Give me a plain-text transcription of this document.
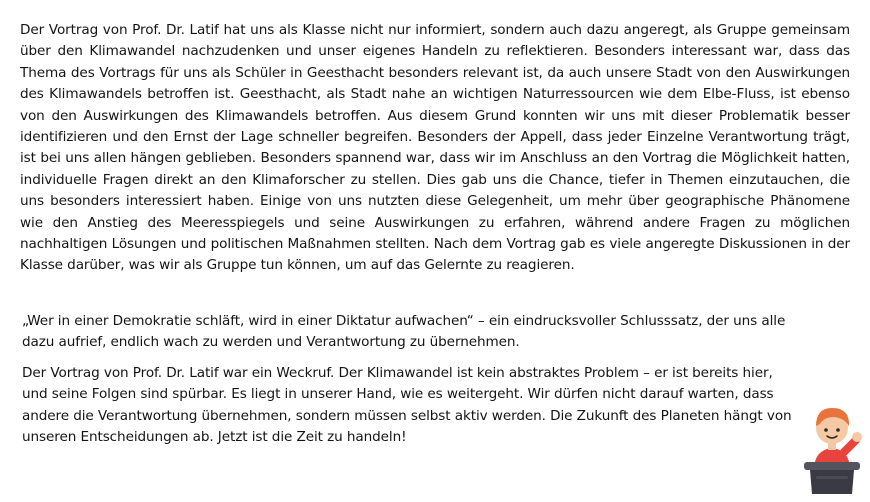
Der Vortrag von Prof. Dr. Latif hat uns als Klasse nicht nur informiert, sondern auch dazu angeregt, als Gruppe gemeinsam über den Klimawandel nachzudenken und unser eigenes Handeln zu reflektieren. Besonders interessant war, dass das Thema des Vortrags für uns als Schüler in Geesthacht besonders relevant ist, da auch unsere Stadt von den Auswirkungen des Klimawandels betroffen ist. Geesthacht, als Stadt nahe an wichtigen Naturressourcen wie dem Elbe-Fluss, ist ebenso von den Auswirkungen des Klimawandels betroffen. Aus diesem Grund konnten wir uns mit dieser Problematik besser identifizieren und den Ernst der Lage schneller begreifen. Besonders der Appell, dass jeder Einzelne Verantwortung trägt, ist bei uns allen hängen geblieben. Besonders spannend war, dass wir im Anschluss an den Vortrag die Möglichkeit hatten, individuelle Fragen direkt an den Klimaforscher zu stellen. Dies gab uns die Chance, tiefer in Themen einzutauchen, die uns besonders interessiert haben. Einige von uns nutzten diese Gelegenheit, um mehr über geographische Phänomene wie den Anstieg des Meeresspiegels und seine Auswirkungen zu erfahren, während andere Fragen zu möglichen nachhaltigen Lösungen und politischen Maßnahmen stellten. Nach dem Vortrag gab es viele angeregte Diskussionen in der Klasse darüber, was wir als Gruppe tun können, um auf das Gelernte zu reagieren.

„Wer in einer Demokratie schläft, wird in einer Diktatur aufwachen“ – ein eindrucksvoller Schlusssatz, der uns alle dazu aufrief, endlich wach zu werden und Verantwortung zu übernehmen.

Der Vortrag von Prof. Dr. Latif war ein Weckruf. Der Klimawandel ist kein abstraktes Problem – er ist bereits hier, und seine Folgen sind spürbar. Es liegt in unserer Hand, wie es weitergeht. Wir dürfen nicht darauf warten, dass andere die Verantwortung übernehmen, sondern müssen selbst aktiv werden. Die Zukunft des Planeten hängt von unseren Entscheidungen ab. Jetzt ist die Zeit zu handeln!
